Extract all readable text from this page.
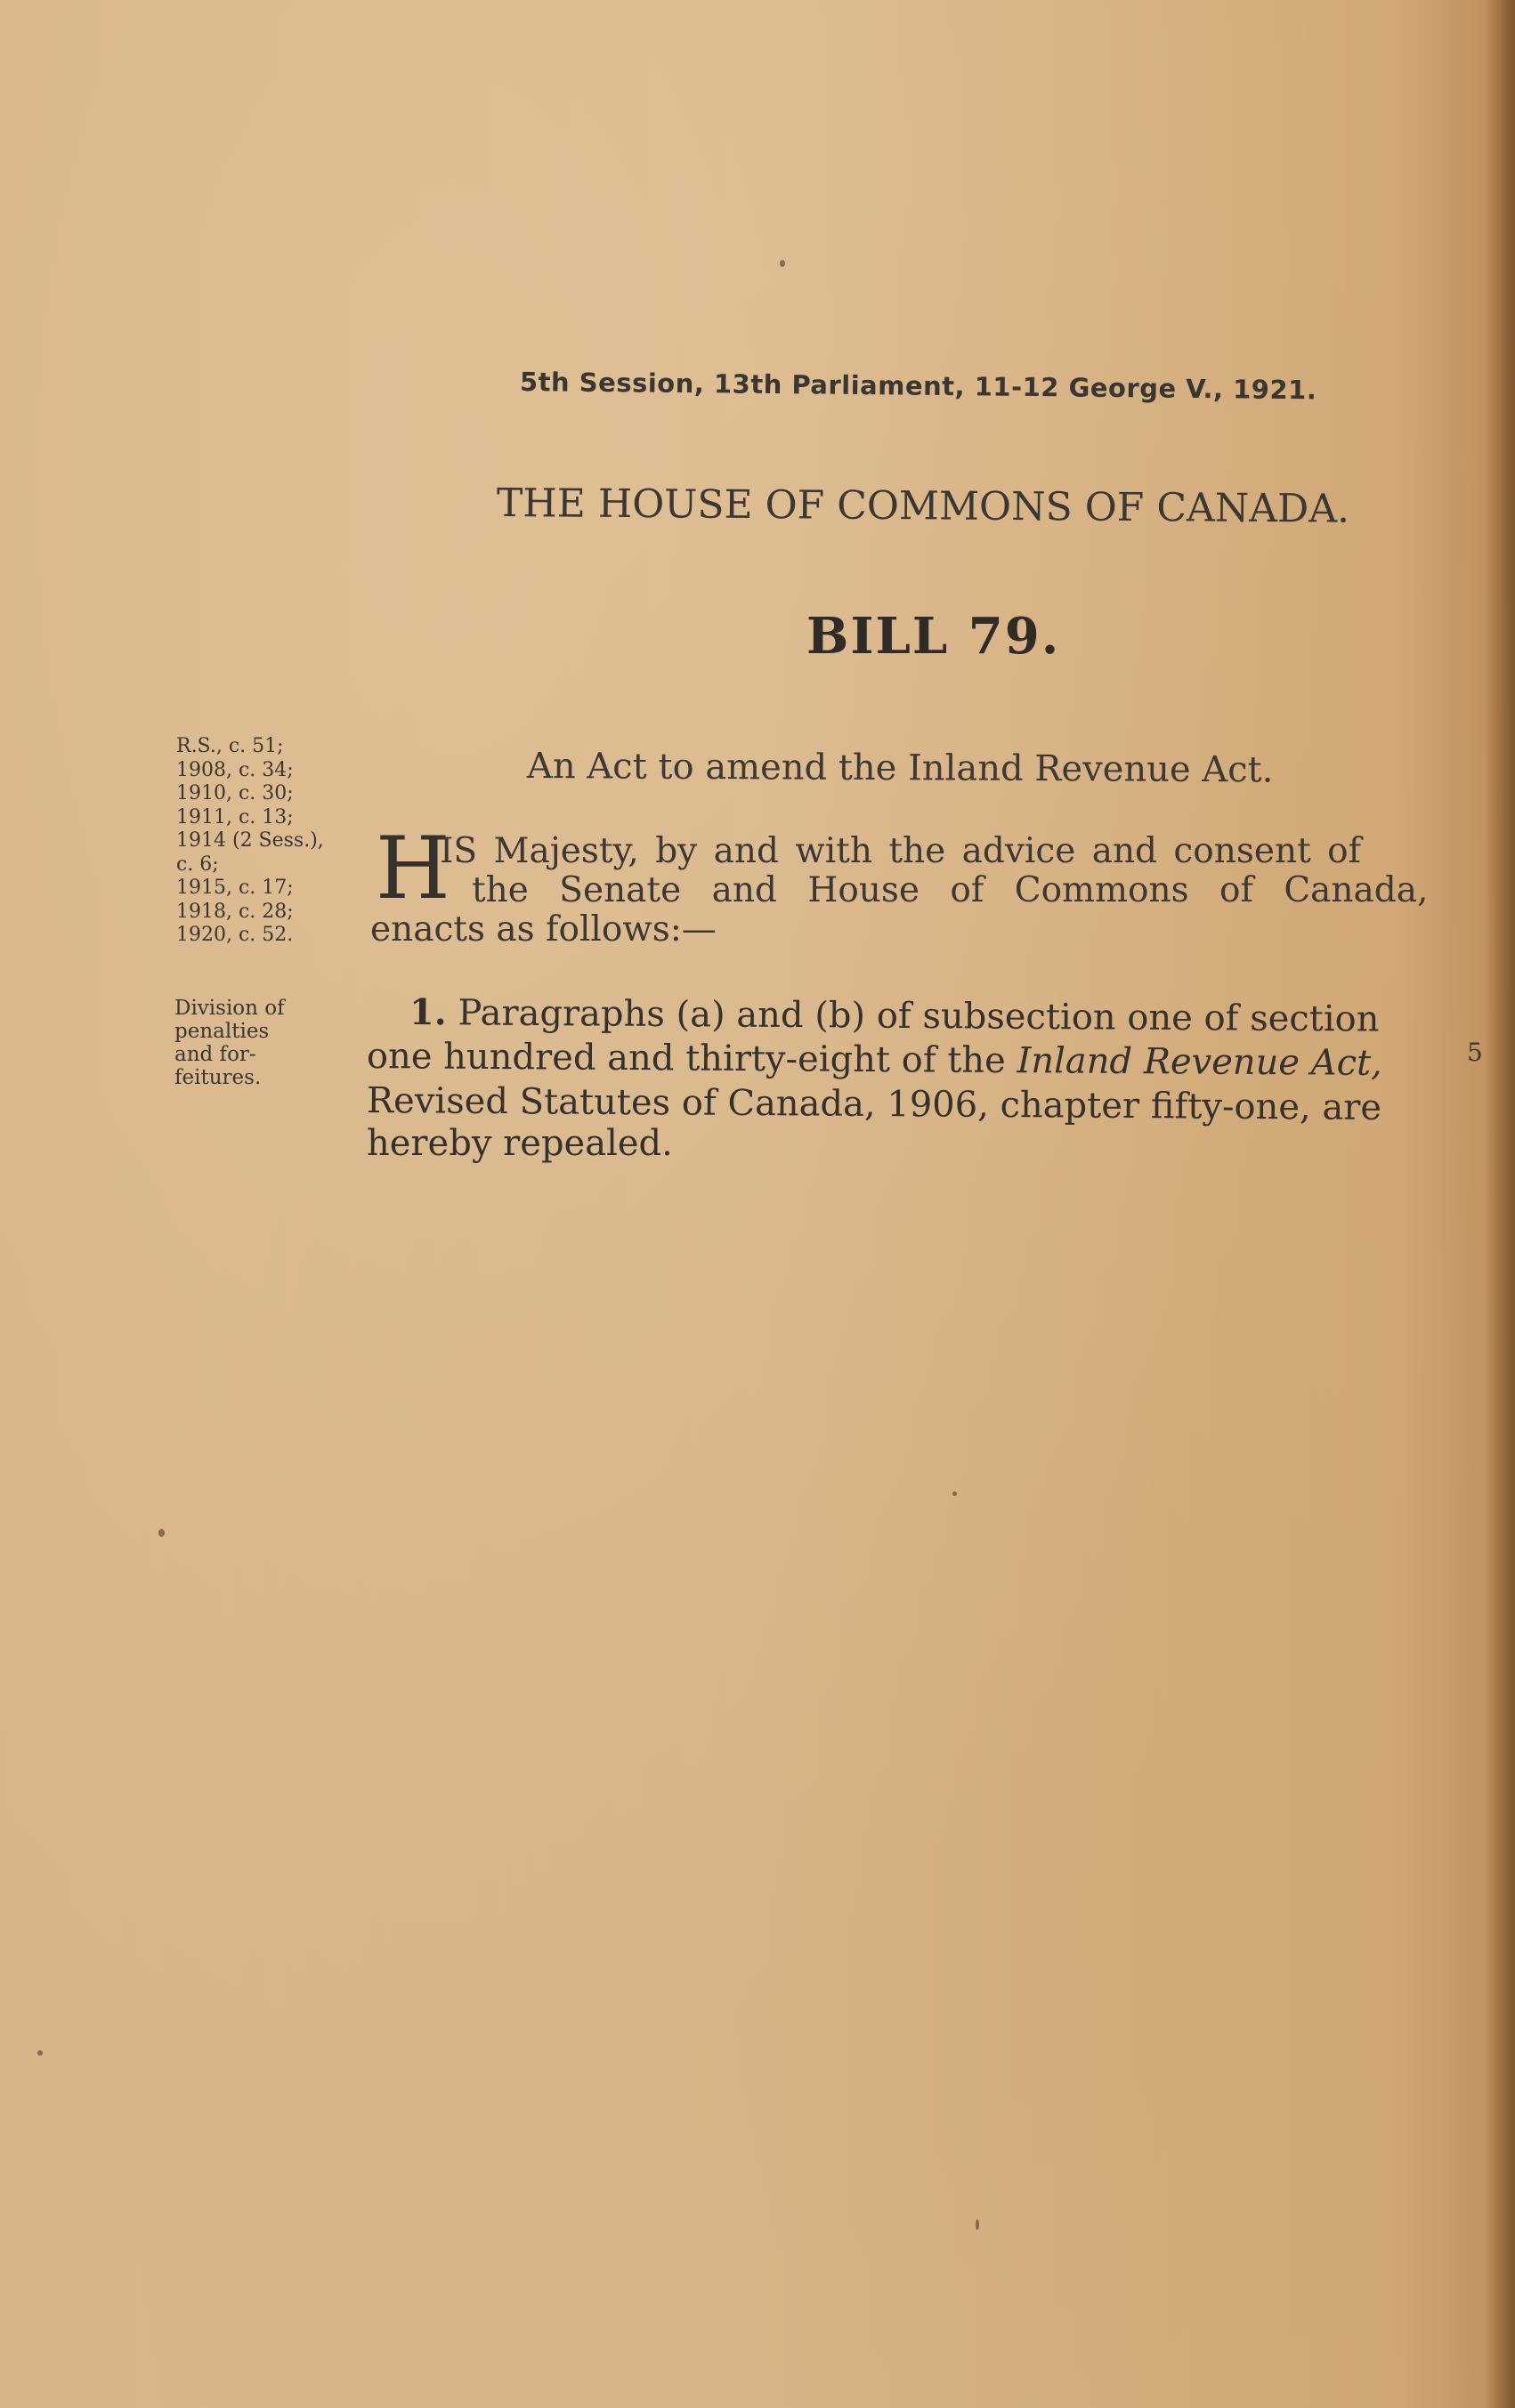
5th Session, 13th Parliament, 11-12 George V., 1921.
THE HOUSE OF COMMONS OF CANADA.
BILL 79.
An Act to amend the Inland Revenue Act.
R.S., c. 51;
1908, c. 34;
1910, c. 30;
1911, c. 13;
1914 (2 Sess.),
c. 6;
1915, c. 17;
1918, c. 28;
1920, c. 52.
Division of
penalties
and for-
feitures.
H
IS Majesty, by and with the advice and consent of
the Senate and House of Commons of Canada,
enacts as follows:—
1. Paragraphs (a) and (b) of subsection one of section
one hundred and thirty-eight of the Inland Revenue Act,
Revised Statutes of Canada, 1906, chapter fifty-one, are
hereby repealed.
5
